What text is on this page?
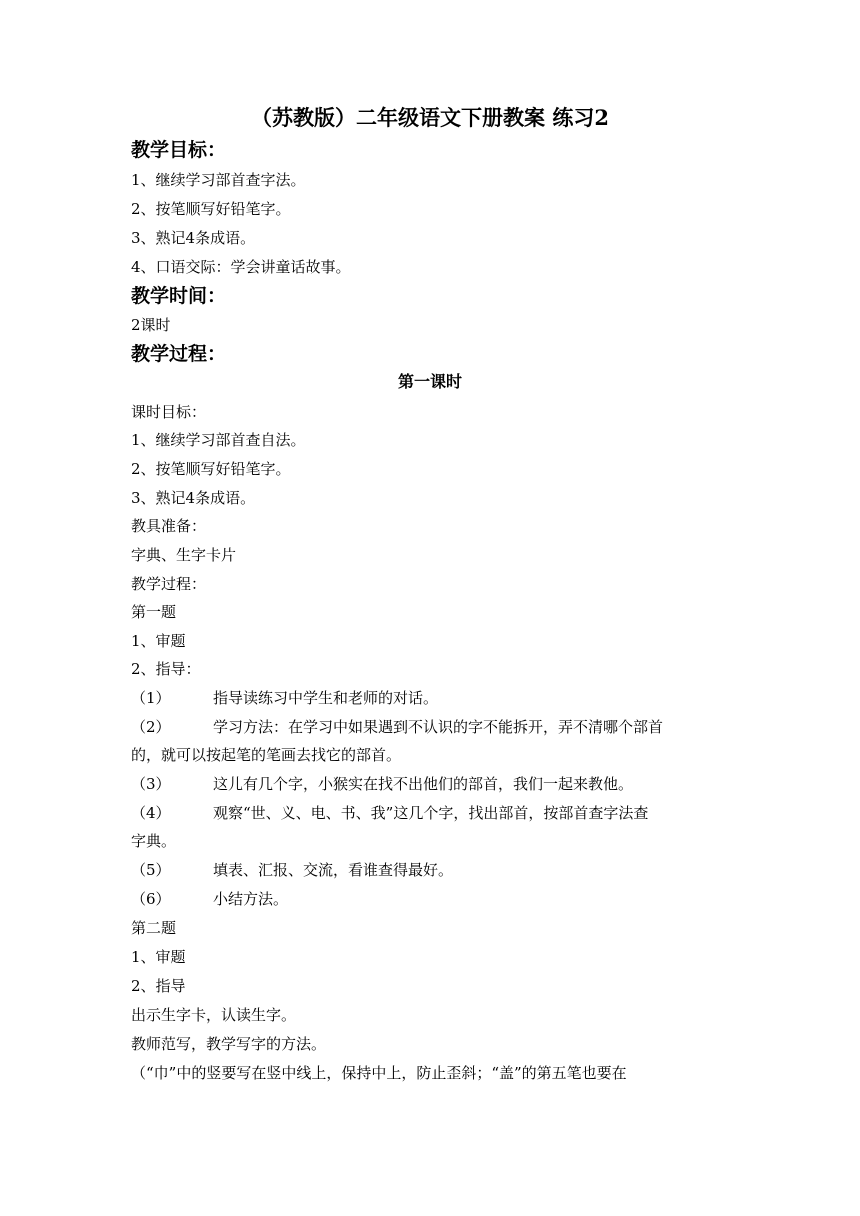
（苏教版）二年级语文下册教案 练习2
教学目标：
1、继续学习部首查字法。
2、按笔顺写好铅笔字。
3、熟记4条成语。
4、口语交际：学会讲童话故事。
教学时间：
2课时
教学过程：
第一课时
课时目标：
1、继续学习部首查自法。
2、按笔顺写好铅笔字。
3、熟记4条成语。
教具准备：
字典、生字卡片
教学过程：
第一题
1、审题
2、指导：
（1）	指导读练习中学生和老师的对话。
（2）	学习方法：在学习中如果遇到不认识的字不能拆开，弄不清哪个部首
的，就可以按起笔的笔画去找它的部首。
（3）	这儿有几个字，小猴实在找不出他们的部首，我们一起来教他。
（4）	观察“世、义、电、书、我”这几个字，找出部首，按部首查字法查
字典。
（5）	填表、汇报、交流，看谁查得最好。
（6）	小结方法。
第二题
1、审题
2、指导
出示生字卡，认读生字。
教师范写，教学写字的方法。
（“巾”中的竖要写在竖中线上，保持中上，防止歪斜；“盖”的第五笔也要在
